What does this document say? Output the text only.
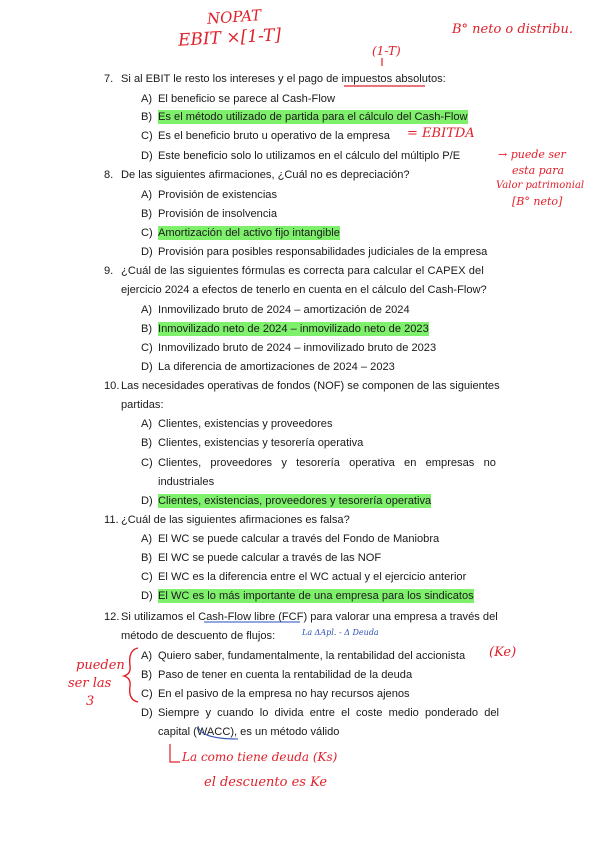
NOPAT
EBIT ×[1-T]	B° neto o distribu.
7. Si al EBIT le resto los intereses y el pago de impuestos absolutos:
(1-T)
A) El beneficio se parece al Cash-Flow
B) Es el método utilizado de partida para el cálculo del Cash-Flow
C) Es el beneficio bruto u operativo de la empresa = EBITDA
D) Este beneficio solo lo utilizamos en el cálculo del múltiplo P/E	→ puede ser
esta para
Valor patrimonial
[B° neto]
8. De las siguientes afirmaciones, ¿Cuál no es depreciación?
A) Provisión de existencias
B) Provisión de insolvencia
C) Amortización del activo fijo intangible
D) Provisión para posibles responsabilidades judiciales de la empresa
9. ¿Cuál de las siguientes fórmulas es correcta para calcular el CAPEX del
ejercicio 2024 a efectos de tenerlo en cuenta en el cálculo del Cash-Flow?
A) Inmovilizado bruto de 2024 – amortización de 2024
B) Inmovilizado neto de 2024 – inmovilizado neto de 2023
C) Inmovilizado bruto de 2024 – inmovilizado bruto de 2023
D) La diferencia de amortizaciones de 2024 – 2023
10. Las necesidades operativas de fondos (NOF) se componen de las siguientes
partidas:
A) Clientes, existencias y proveedores
B) Clientes, existencias y tesorería operativa
C) Clientes,   proveedores   y   tesorería   operativa   en   empresas   no
industriales
D) Clientes, existencias, proveedores y tesorería operativa
11. ¿Cuál de las siguientes afirmaciones es falsa?
A) El WC se puede calcular a través del Fondo de Maniobra
B) El WC se puede calcular a través de las NOF
C) El WC es la diferencia entre el WC actual y el ejercicio anterior
D) El WC es lo más importante de una empresa para los sindicatos
12. Si utilizamos el Cash-Flow libre (FCF) para valorar una empresa a través del
método de descuento de flujos:	La ΔApl. - Δ Deuda
A) Quiero saber, fundamentalmente, la rentabilidad del accionista (Ke)
B) Paso de tener en cuenta la rentabilidad de la deuda
C) En el pasivo de la empresa no hay recursos ajenos
D) Siempre  y  cuando  lo  divida  entre  el  coste  medio  ponderado  del
capital (WACC), es un método válido
pueden
ser las
3
La como tiene deuda (Ks)
el descuento es Ke
